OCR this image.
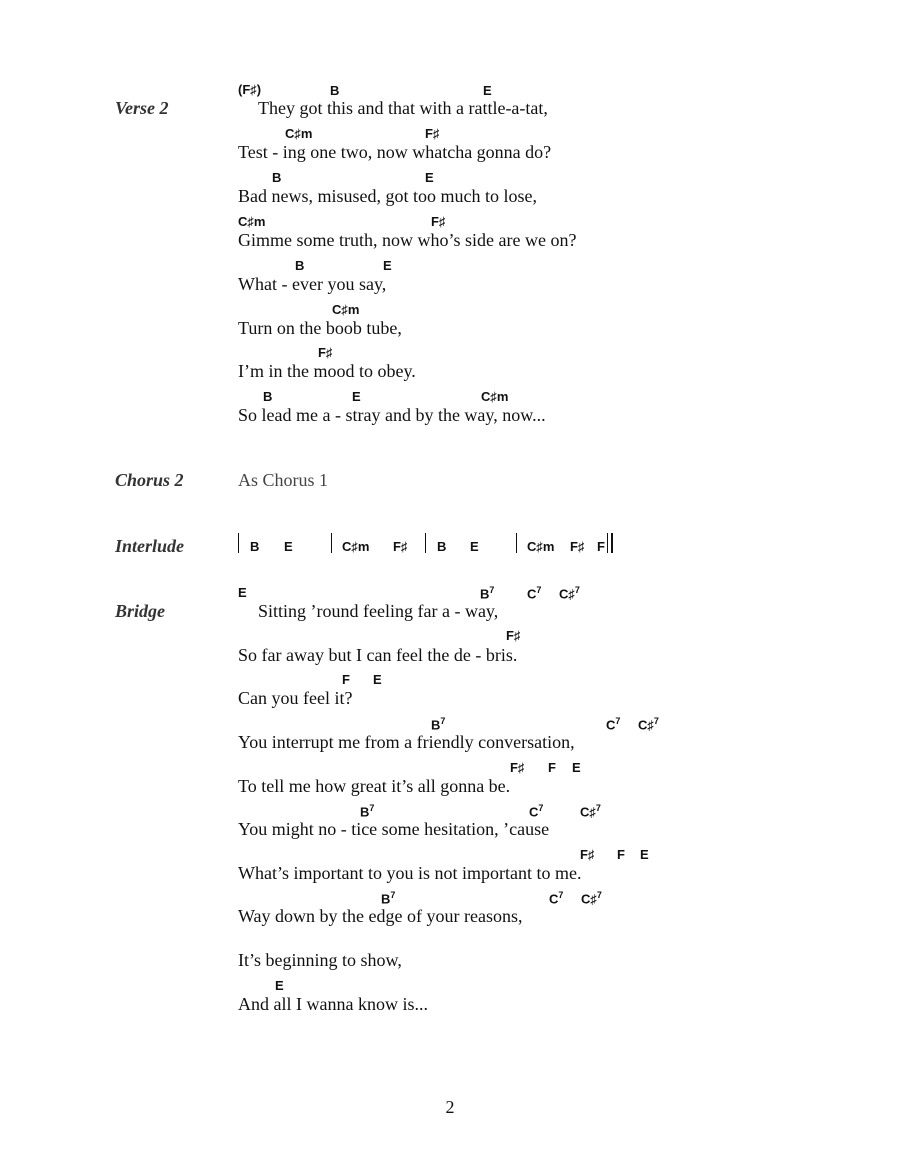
Verse 2
(F♯)	B	E
They got this and that with a rattle-a-tat,
C♯m	F♯
Test - ing one two, now whatcha gonna do?
B	E
Bad news, misused, got too much to lose,
C♯m	F♯
Gimme some truth, now who’s side are we on?
B	E
What - ever you say,
C♯m
Turn on the boob tube,
F♯
I’m in the mood to obey.
B	E	C♯m
So lead me a - stray and by the way, now...
Chorus 2	As Chorus 1
Interlude	B E	C♯m F♯ B E	C♯m F♯ F
Bridge
E	$B^7$	$C^7$ C♯$^7$
Sitting ’round feeling far a - way,
F♯
So far away but I can feel the de - bris.
F E
Can you feel it?
$B^7$	$C^7$ C♯$^7$
You interrupt me from a friendly conversation,
F♯ F E
To tell me how great it’s all gonna be.
$B^7$	$C^7$	C♯$^7$
You might no - tice some hesitation, ’cause
F♯ F E
What’s important to you is not important to me.
$B^7$	$C^7$ C♯$^7$
Way down by the edge of your reasons,
It’s beginning to show,
E
And all I wanna know is...
2
